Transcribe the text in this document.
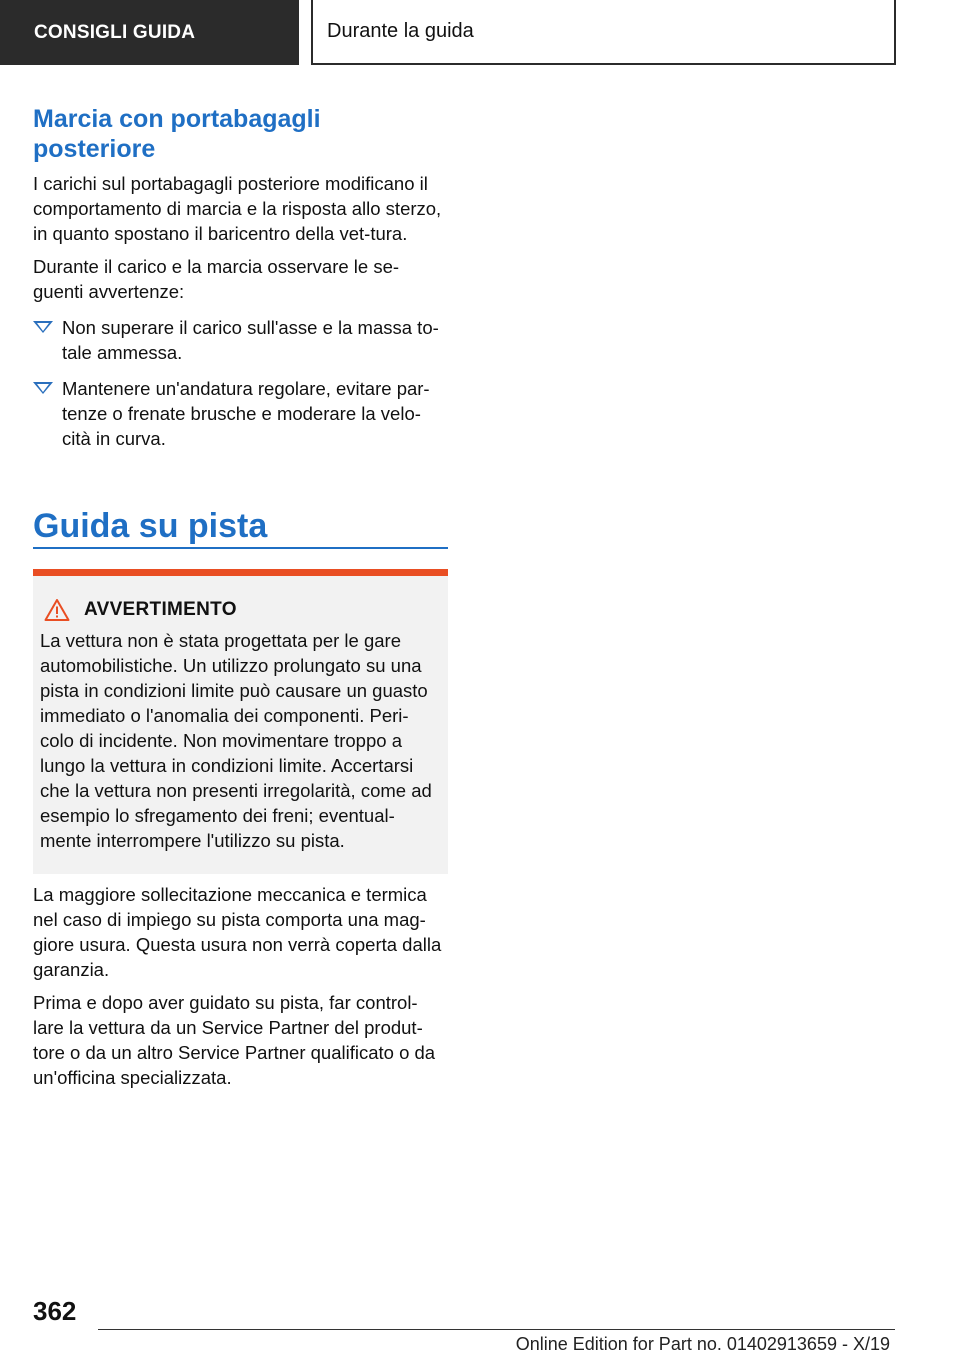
CONSIGLI GUIDA	Durante la guida
Marcia con portabagagli posteriore

I carichi sul portabagagli posteriore modificano il comportamento di marcia e la risposta allo sterzo, in quanto spostano il baricentro della vet-tura.

Durante il carico e la marcia osservare le se-guenti avvertenze:

Non superare il carico sull'asse e la massa to-tale ammessa.

Mantenere un'andatura regolare, evitare par-tenze o frenate brusche e moderare la velo-cità in curva.

Guida su pista
AVVERTIMENTO

La vettura non è stata progettata per le gare automobilistiche. Un utilizzo prolungato su una pista in condizioni limite può causare un guasto immediato o l'anomalia dei componenti. Peri-colo di incidente. Non movimentare troppo a lungo la vettura in condizioni limite. Accertarsi che la vettura non presenti irregolarità, come ad esempio lo sfregamento dei freni; eventual-mente interrompere l'utilizzo su pista.

La maggiore sollecitazione meccanica e termica nel caso di impiego su pista comporta una mag-giore usura. Questa usura non verrà coperta dalla garanzia.

Prima e dopo aver guidato su pista, far control-lare la vettura da un Service Partner del produt-tore o da un altro Service Partner qualificato o da un'officina specializzata.

362
Online Edition for Part no. 01402913659 - X/19
